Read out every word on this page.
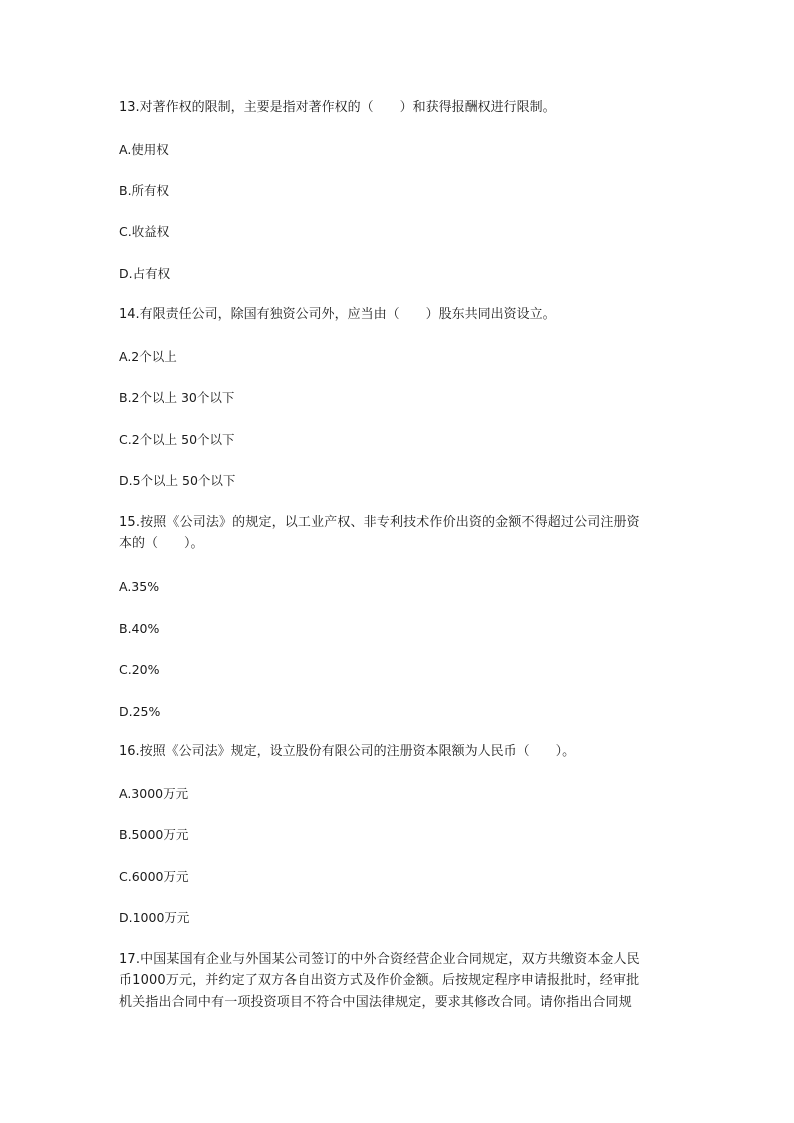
13.对著作权的限制，主要是指对著作权的（　　）和获得报酬权进行限制。
A.使用权
B.所有权
C.收益权
D.占有权
14.有限责任公司，除国有独资公司外，应当由（　　）股东共同出资设立。
A.2个以上
B.2个以上 30个以下
C.2个以上 50个以下
D.5个以上 50个以下
15.按照《公司法》的规定，以工业产权、非专利技术作价出资的金额不得超过公司注册资
本的（　　）。
A.35%
B.40%
C.20%
D.25%
16.按照《公司法》规定，设立股份有限公司的注册资本限额为人民币（　　）。
A.3000万元
B.5000万元
C.6000万元
D.1000万元
17.中国某国有企业与外国某公司签订的中外合资经营企业合同规定，双方共缴资本金人民
币1000万元，并约定了双方各自出资方式及作价金额。后按规定程序申请报批时，经审批
机关指出合同中有一项投资项目不符合中国法律规定，要求其修改合同。请你指出合同规
